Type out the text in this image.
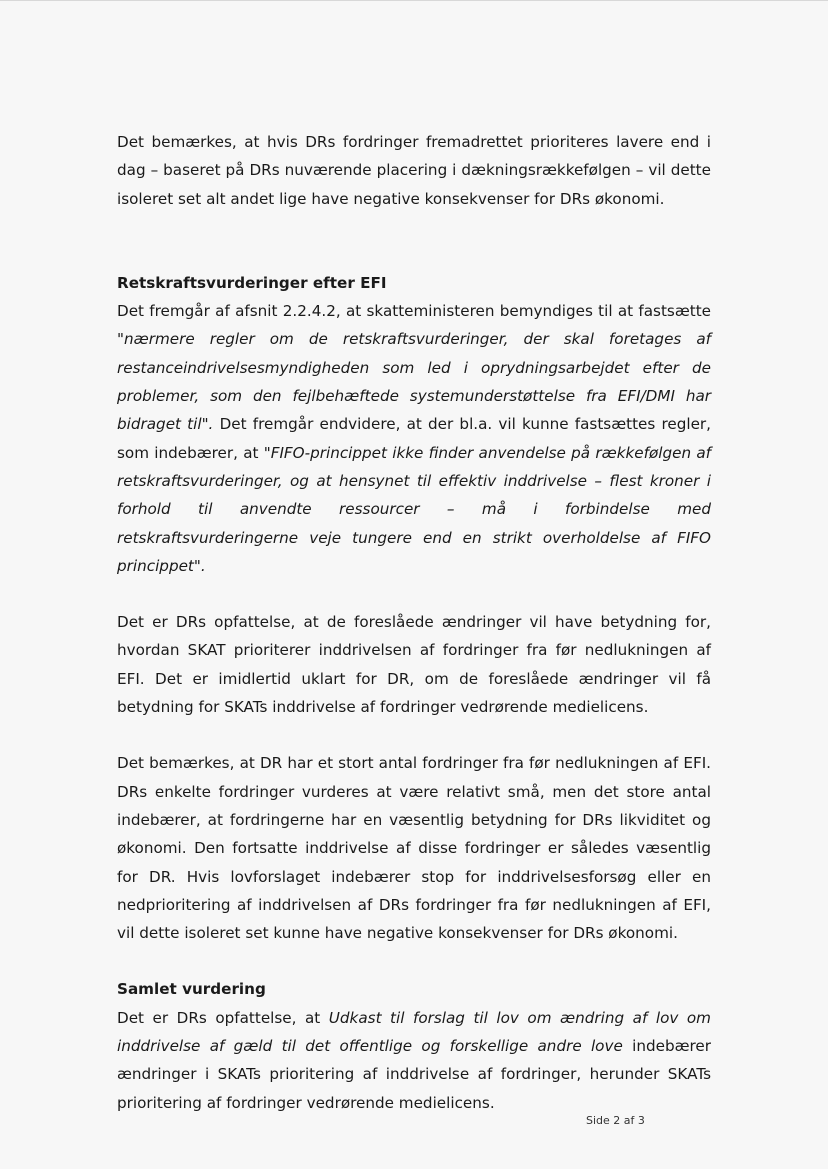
Det bemærkes, at hvis DRs fordringer fremadrettet prioriteres lavere end i dag – baseret på DRs nuværende placering i dækningsrækkefølgen – vil dette isoleret set alt andet lige have negative konsekvenser for DRs økonomi.

Retskraftsvurderinger efter EFI

Det fremgår af afsnit 2.2.4.2, at skatteministeren bemyndiges til at fastsætte "nærmere regler om de retskraftsvurderinger, der skal foretages af restanceindrivelsesmyndigheden som led i oprydningsarbejdet efter de problemer, som den fejlbehæftede systemunderstøttelse fra EFI/DMI har bidraget til". Det fremgår endvidere, at der bl.a. vil kunne fastsættes regler, som indebærer, at "FIFO-princippet ikke finder anvendelse på rækkefølgen af retskraftsvurderinger, og at hensynet til effektiv inddrivelse – flest kroner i forhold til anvendte ressourcer – må i forbindelse med retskraftsvurderingerne veje tungere end en strikt overholdelse af FIFO princippet".

Det er DRs opfattelse, at de foreslåede ændringer vil have betydning for, hvordan SKAT prioriterer inddrivelsen af fordringer fra før nedlukningen af EFI. Det er imidlertid uklart for DR, om de foreslåede ændringer vil få betydning for SKATs inddrivelse af fordringer vedrørende medielicens.

Det bemærkes, at DR har et stort antal fordringer fra før nedlukningen af EFI. DRs enkelte fordringer vurderes at være relativt små, men det store antal indebærer, at fordringerne har en væsentlig betydning for DRs likviditet og økonomi. Den fortsatte inddrivelse af disse fordringer er således væsentlig for DR. Hvis lovforslaget indebærer stop for inddrivelsesforsøg eller en nedprioritering af inddrivelsen af DRs fordringer fra før nedlukningen af EFI, vil dette isoleret set kunne have negative konsekvenser for DRs økonomi.

Samlet vurdering

Det er DRs opfattelse, at Udkast til forslag til lov om ændring af lov om inddrivelse af gæld til det offentlige og forskellige andre love indebærer ændringer i SKATs prioritering af inddrivelse af fordringer, herunder SKATs prioritering af fordringer vedrørende medielicens.

Side 2 af 3
